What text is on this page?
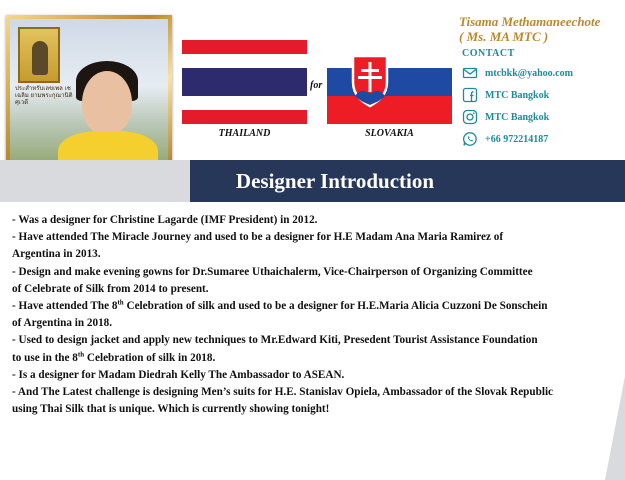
ประสำหรับเลขเพล เชเฉลิม ยามพระกุณานิติศุเวดี
for
THAILAND	SLOVAKIA
Tisama Methamaneechote
( Ms. MA MTC )
CONTACT
mtcbkk@yahoo.com
MTC Bangkok
MTC Bangkok
+66 972214187
Designer Introduction

- Was a designer for Christine Lagarde (IMF President) in 2012.

- Have attended The Miracle Journey and used to be a designer for H.E Madam Ana Maria Ramirez of

Argentina in 2013.

- Design and make evening gowns for Dr.Sumaree Uthaichalerm, Vice-Chairperson of Organizing Committee

of Celebrate of Silk from 2014 to present.

- Have attended The 8th Celebration of silk and used to be a designer for H.E.Maria Alicia Cuzzoni De Sonschein

of Argentina in 2018.

- Used to design jacket and apply new techniques to Mr.Edward Kiti, Presedent Tourist Assistance Foundation

to use in the 8th Celebration of silk in 2018.

- Is a designer for Madam Diedrah Kelly The Ambassador to ASEAN.

- And The Latest challenge is designing Men’s suits for H.E. Stanislav Opiela, Ambassador of the Slovak Republic

using Thai Silk that is unique. Which is currently showing tonight!
